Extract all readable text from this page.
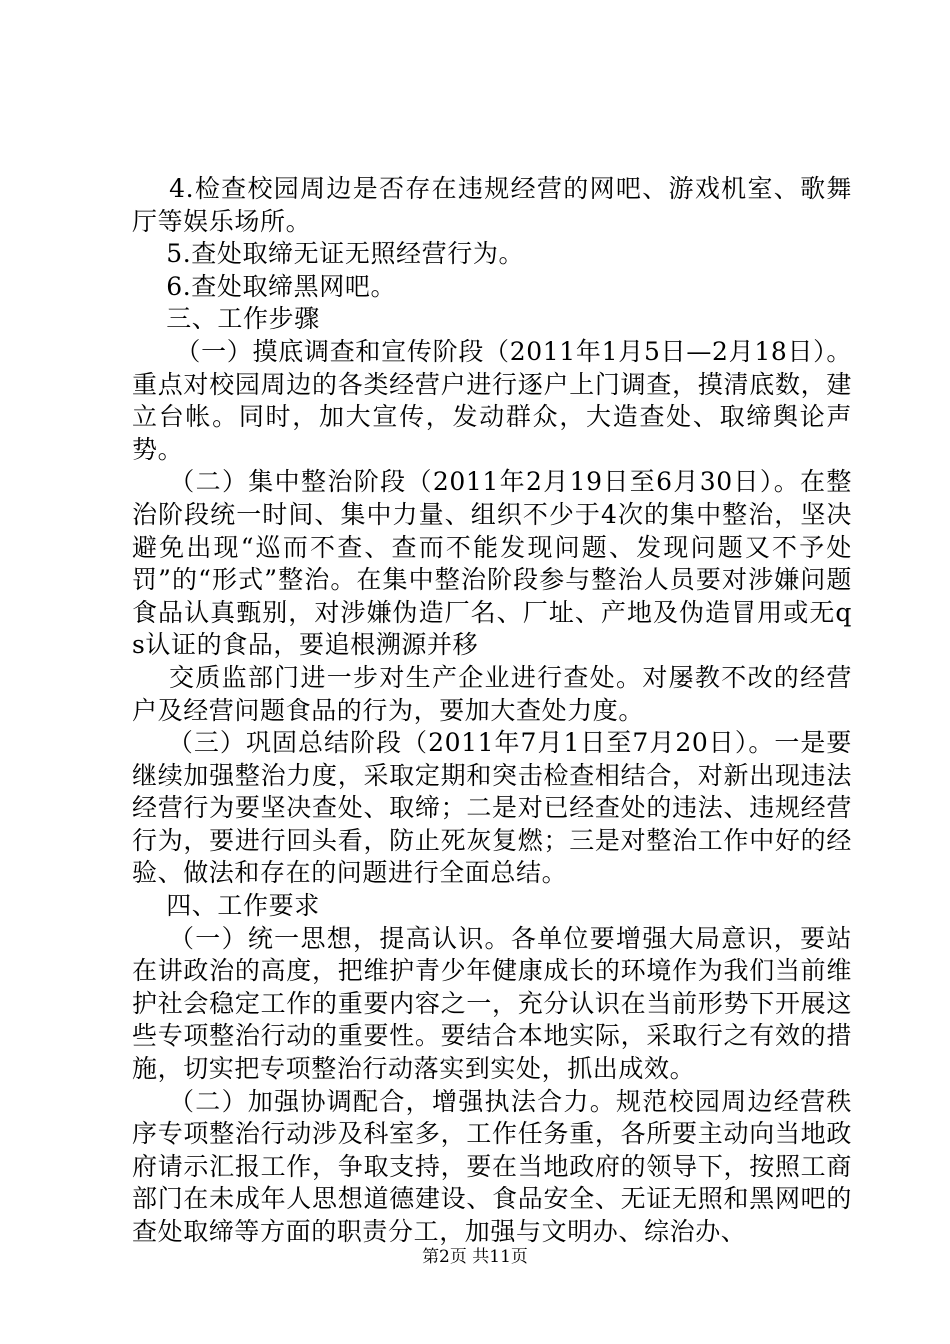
4.检查校园周边是否存在违规经营的网吧、游戏机室、歌舞厅等娱乐场所。

5.查处取缔无证无照经营行为。

6.查处取缔黑网吧。

三、工作步骤

（一）摸底调查和宣传阶段（2011年1月5日—2月18日）。重点对校园周边的各类经营户进行逐户上门调查，摸清底数，建立台帐。同时，加大宣传，发动群众，大造查处、取缔舆论声势。

（二）集中整治阶段（2011年2月19日至6月30日）。在整治阶段统一时间、集中力量、组织不少于4次的集中整治，坚决避免出现“巡而不查、查而不能发现问题、发现问题又不予处罚”的“形式”整治。在集中整治阶段参与整治人员要对涉嫌问题食品认真甄别，对涉嫌伪造厂名、厂址、产地及伪造冒用或无qs认证的食品，要追根溯源并移

交质监部门进一步对生产企业进行查处。对屡教不改的经营户及经营问题食品的行为，要加大查处力度。

（三）巩固总结阶段（2011年7月1日至7月20日）。一是要继续加强整治力度，采取定期和突击检查相结合，对新出现违法经营行为要坚决查处、取缔；二是对已经查处的违法、违规经营行为，要进行回头看，防止死灰复燃；三是对整治工作中好的经验、做法和存在的问题进行全面总结。

四、工作要求

（一）统一思想，提高认识。各单位要增强大局意识，要站在讲政治的高度，把维护青少年健康成长的环境作为我们当前维护社会稳定工作的重要内容之一，充分认识在当前形势下开展这些专项整治行动的重要性。要结合本地实际，采取行之有效的措施，切实把专项整治行动落实到实处，抓出成效。

（二）加强协调配合，增强执法合力。规范校园周边经营秩序专项整治行动涉及科室多，工作任务重，各所要主动向当地政府请示汇报工作，争取支持，要在当地政府的领导下，按照工商部门在未成年人思想道德建设、食品安全、无证无照和黑网吧的查处取缔等方面的职责分工，加强与文明办、综治办、

第2页 共11页
